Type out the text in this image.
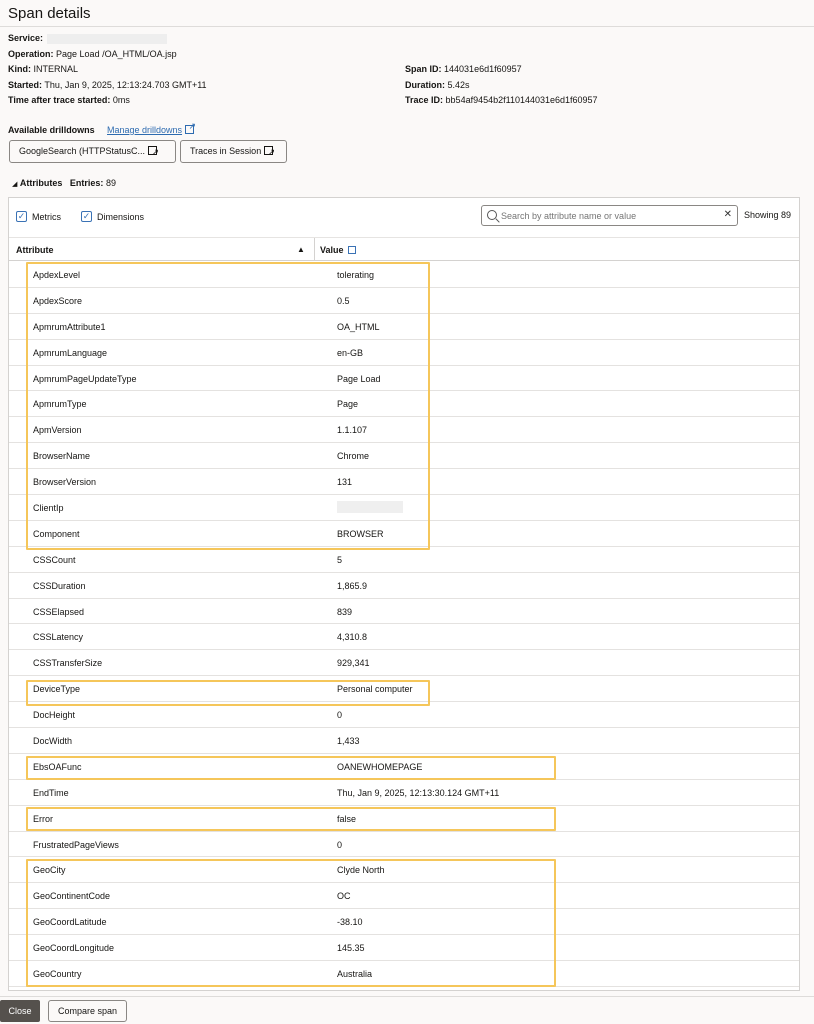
Span details
Service:
Operation: Page Load /OA_HTML/OA.jsp
Kind: INTERNAL
Started: Thu, Jan 9, 2025, 12:13:24.703 GMT+11
Time after trace started: 0ms
Span ID: 144031e6d1f60957
Duration: 5.42s
Trace ID: bb54af9454b2f110144031e6d1f60957
Available drilldowns Manage drilldowns↗
GoogleSearch (HTTPStatusC... ↗	Traces in Session↗
◢ Attributes Entries: 89
✓ Metrics ✓ Dimensions
Search by attribute name or value	✕ Showing 89
Attribute	▲ Value
ApdexLevel	tolerating
ApdexScore	0.5
ApmrumAttribute1	OA_HTML
ApmrumLanguage	en-GB
ApmrumPageUpdateType	Page Load
ApmrumType	Page
ApmVersion	1.1.107
BrowserName	Chrome
BrowserVersion	131
ClientIp
Component	BROWSER
CSSCount	5
CSSDuration	1,865.9
CSSElapsed	839
CSSLatency	4,310.8
CSSTransferSize	929,341
DeviceType	Personal computer
DocHeight	0
DocWidth	1,433
EbsOAFunc	OANEWHOMEPAGE
EndTime	Thu, Jan 9, 2025, 12:13:30.124 GMT+11
Error	false
FrustratedPageViews	0
GeoCity	Clyde North
GeoContinentCode	OC
GeoCoordLatitude	-38.10
GeoCoordLongitude	145.35
GeoCountry	Australia
Close	Compare span
